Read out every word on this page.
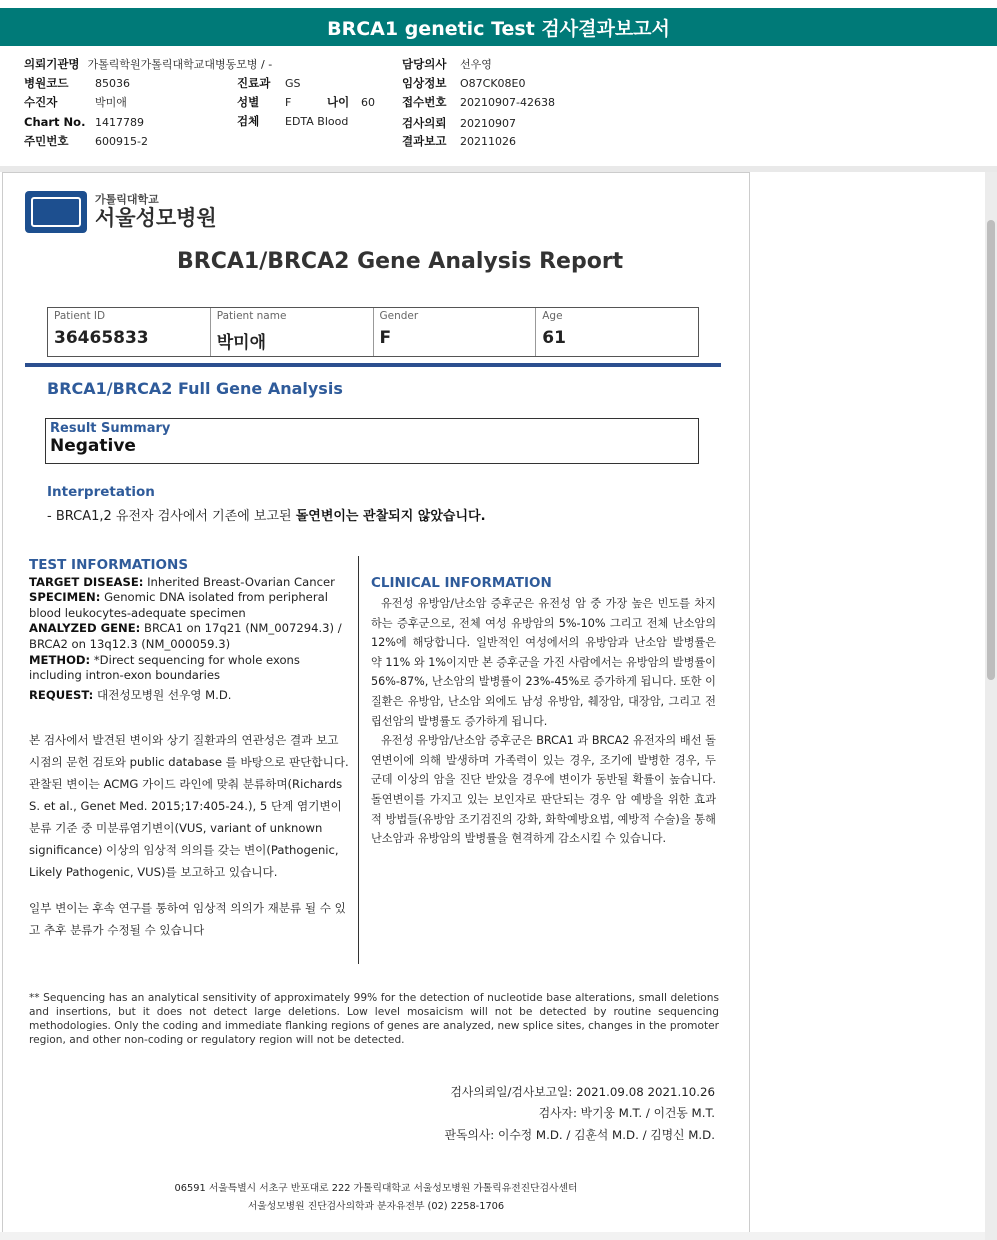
BRCA1 genetic Test 검사결과보고서
의뢰기관명 가톨릭학원가톨릭대학교대병동모병 / -
병원코드	85036
수진자	박미애
Chart No. 1417789
주민번호	600915-2
진료과	GS
성별	F	나이	60
검체	EDTA Blood
담당의사	선우영
임상정보	O87CK08E0
접수번호	20210907-42638
검사의뢰	20210907
결과보고	20211026
가톨릭대학교
서울성모병원
BRCA1/BRCA2 Gene Analysis Report
Patient ID
36465833
Patient name
박미애
Gender
F
Age
61
BRCA1/BRCA2 Full Gene Analysis
Result Summary
Negative
Interpretation
- BRCA1,2 유전자 검사에서 기존에 보고된 돌연변이는 관찰되지 않았습니다.
TEST INFORMATIONS
TARGET DISEASE: Inherited Breast-Ovarian Cancer
SPECIMEN: Genomic DNA isolated from peripheral blood leukocytes-adequate specimen
ANALYZED GENE: BRCA1 on 17q21 (NM_007294.3) / BRCA2 on 13q12.3 (NM_000059.3)
METHOD: *Direct sequencing for whole exons including intron-exon boundaries
REQUEST: 대전성모병원 선우영 M.D.
본 검사에서 발견된 변이와 상기 질환과의 연관성은 결과 보고 시점의 문헌 검토와 public database 를 바탕으로 판단합니다. 관찰된 변이는 ACMG 가이드 라인에 맞춰 분류하며(Richards S. et al., Genet Med. 2015;17:405-24.), 5 단계 염기변이 분류 기준 중 미분류염기변이(VUS, variant of unknown significance) 이상의 임상적 의의를 갖는 변이(Pathogenic, Likely Pathogenic, VUS)를 보고하고 있습니다.
일부 변이는 후속 연구를 통하여 임상적 의의가 재분류 될 수 있고 추후 분류가 수정될 수 있습니다
CLINICAL INFORMATION
유전성 유방암/난소암 증후군은 유전성 암 중 가장 높은 빈도를 차지하는 증후군으로, 전체 여성 유방암의 5%-10% 그리고 전체 난소암의 12%에 해당합니다. 일반적인 여성에서의 유방암과 난소암 발병률은 약 11% 와 1%이지만 본 증후군을 가진 사람에서는 유방암의 발병률이 56%-87%, 난소암의 발병률이 23%-45%로 증가하게 됩니다. 또한 이 질환은 유방암, 난소암 외에도 남성 유방암, 췌장암, 대장암, 그리고 전립선암의 발병률도 증가하게 됩니다.
유전성 유방암/난소암 증후군은 BRCA1 과 BRCA2 유전자의 배선 돌연변이에 의해 발생하며 가족력이 있는 경우, 조기에 발병한 경우, 두 군데 이상의 암을 진단 받았을 경우에 변이가 동반될 확률이 높습니다. 돌연변이를 가지고 있는 보인자로 판단되는 경우 암 예방을 위한 효과적 방법들(유방암 조기검진의 강화, 화학예방요법, 예방적 수술)을 통해 난소암과 유방암의 발병률을 현격하게 감소시킬 수 있습니다.
** Sequencing has an analytical sensitivity of approximately 99% for the detection of nucleotide base alterations, small deletions and insertions, but it does not detect large deletions. Low level mosaicism will not be detected by routine sequencing methodologies. Only the coding and immediate flanking regions of genes are analyzed, new splice sites, changes in the promoter region, and other non-coding or regulatory region will not be detected.
검사의뢰일/검사보고일: 2021.09.08 2021.10.26
검사자: 박기웅 M.T. / 이건동 M.T.
판독의사: 이수정 M.D. / 김훈석 M.D. / 김명신 M.D.
06591 서울특별시 서초구 반포대로 222 가톨릭대학교 서울성모병원 가톨릭유전진단검사센터
서울성모병원 진단검사의학과 분자유전부 (02) 2258-1706
